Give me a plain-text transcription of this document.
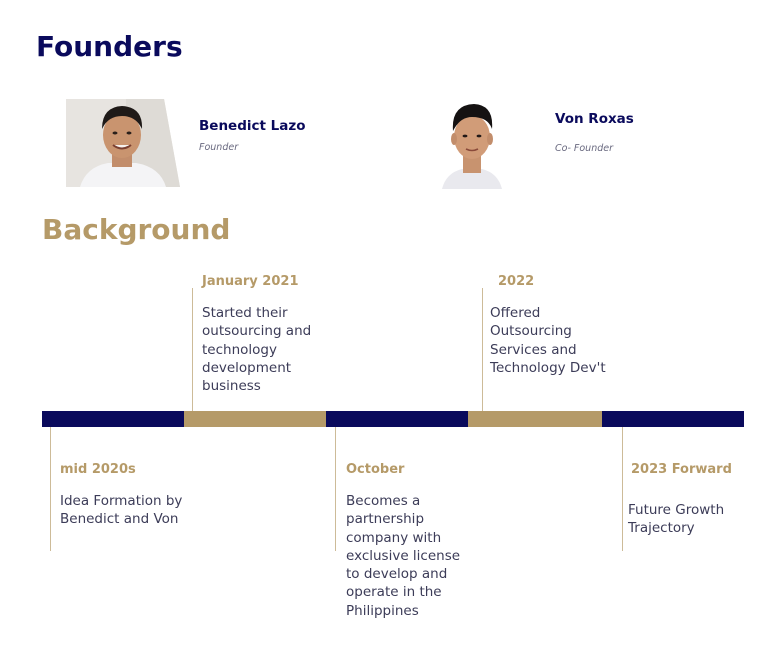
Founders
Benedict Lazo
Founder
Von Roxas
Co- Founder
Background
January 2021
Started their outsourcing and technology development business
2022
Offered Outsourcing Services and Technology Dev't
mid 2020s
Idea Formation by Benedict and Von
October
Becomes a partnership company with exclusive license to develop and operate in the Philippines
2023 Forward
Future Growth Trajectory
